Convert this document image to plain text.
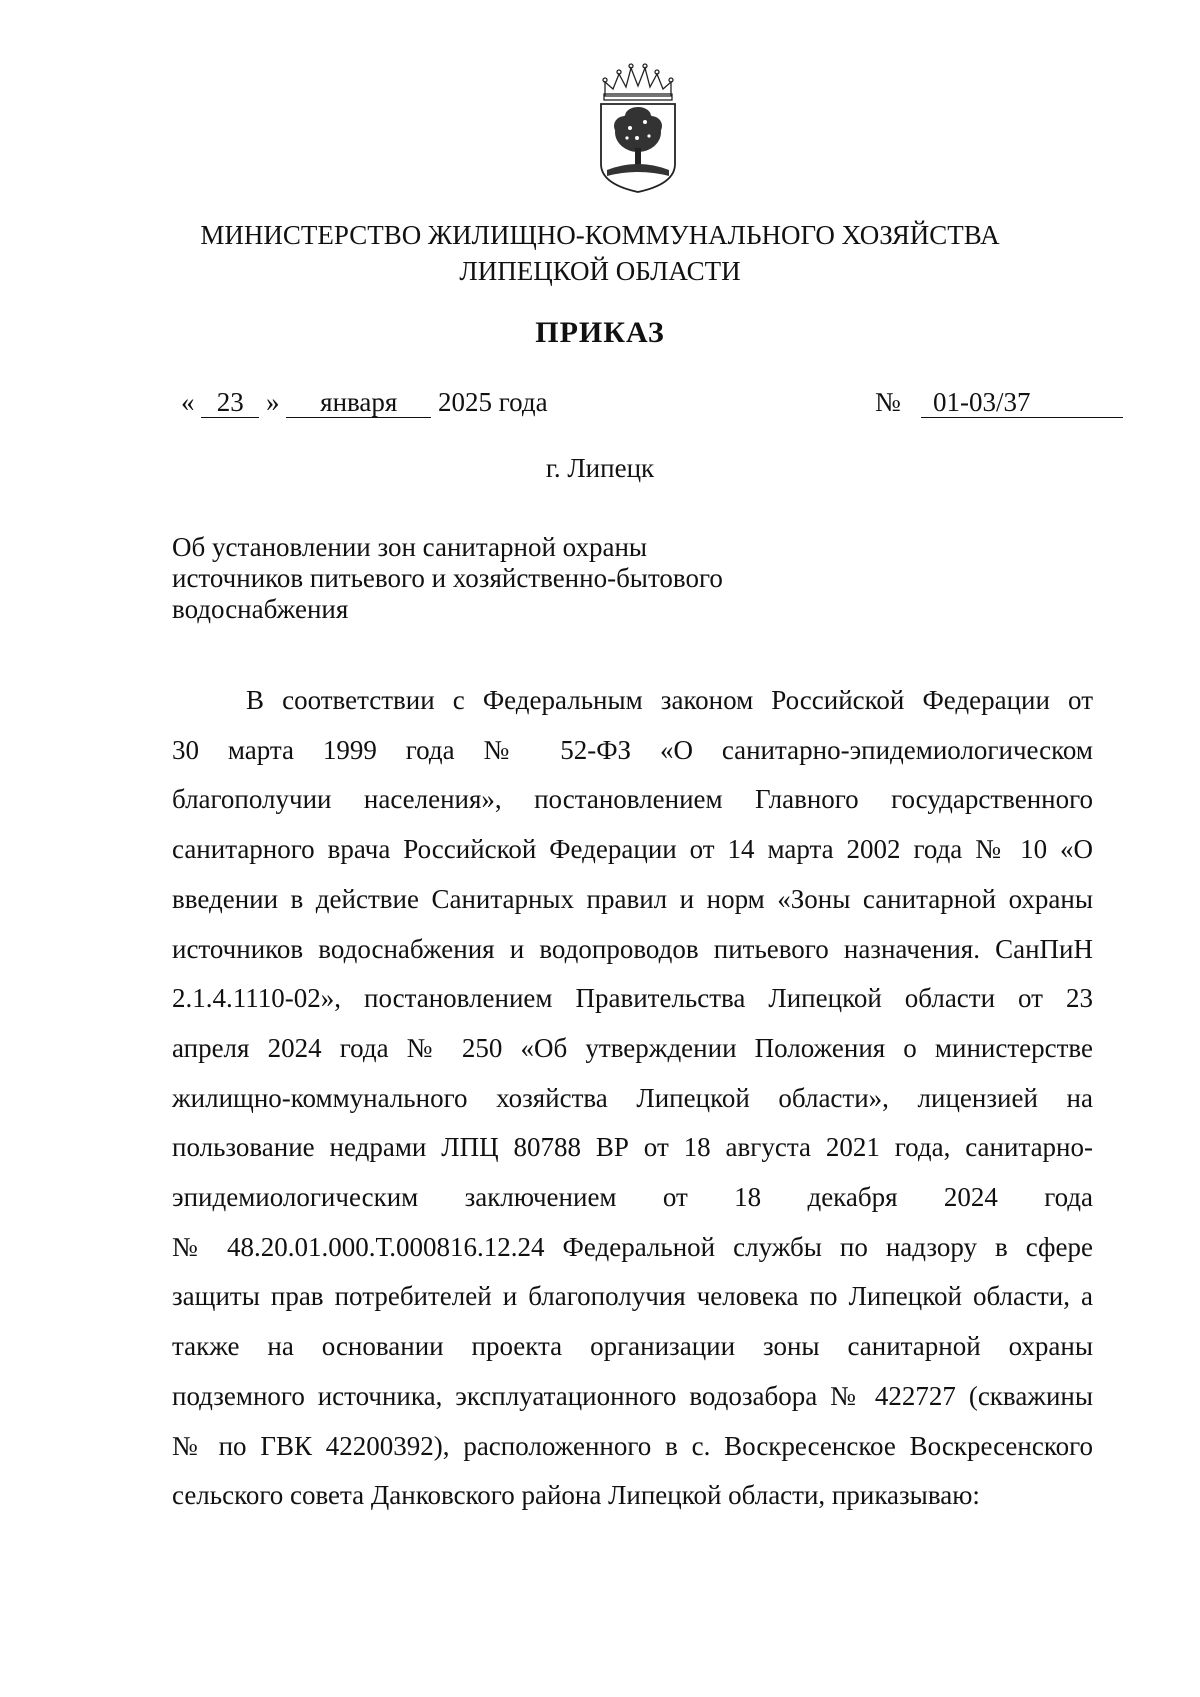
МИНИСТЕРСТВО ЖИЛИЩНО-КОММУНАЛЬНОГО ХОЗЯЙСТВА
ЛИПЕЦКОЙ ОБЛАСТИ
ПРИКАЗ
« 23 » января 2025 года	№ 01-03/37
г. Липецк
Об установлении зон санитарной охраны
источников питьевого и хозяйственно-бытового
водоснабжения
В соответствии с Федеральным законом Российской Федерации от
30 марта 1999 года № 52-ФЗ «О санитарно-эпидемиологическом
благополучии населения», постановлением Главного государственного
санитарного врача Российской Федерации от 14 марта 2002 года № 10 «О
введении в действие Санитарных правил и норм «Зоны санитарной охраны
источников водоснабжения и водопроводов питьевого назначения. СанПиН
2.1.4.1110-02», постановлением Правительства Липецкой области от 23
апреля 2024 года № 250 «Об утверждении Положения о министерстве
жилищно-коммунального хозяйства Липецкой области», лицензией на
пользование недрами ЛПЦ 80788 ВР от 18 августа 2021 года, санитарно-
эпидемиологическим заключением от 18 декабря 2024 года
№ 48.20.01.000.Т.000816.12.24 Федеральной службы по надзору в сфере
защиты прав потребителей и благополучия человека по Липецкой области, а
также на основании проекта организации зоны санитарной охраны
подземного источника, эксплуатационного водозабора № 422727 (скважины
№ по ГВК 42200392), расположенного в с. Воскресенское Воскресенского
сельского совета Данковского района Липецкой области, приказываю:
